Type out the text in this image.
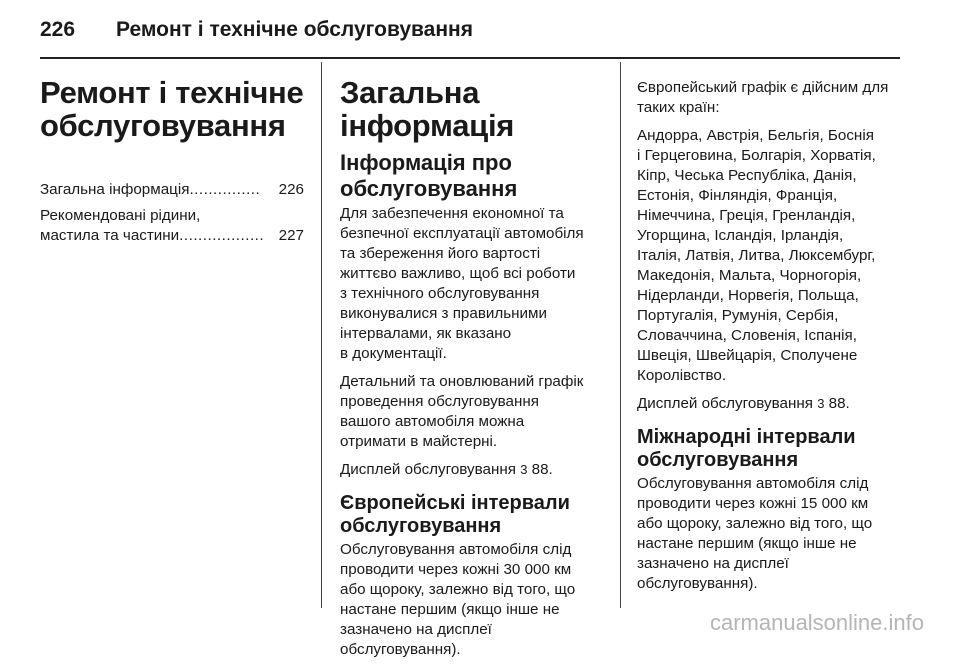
226 Ремонт і технічне обслуговування
Ремонт і технічне
обслуговування
Загальна інформація ...............	226
Рекомендовані рідини,
мастила та частини .................. 227
Загальна інформація
Інформація про
обслуговування

Для забезпечення економної та
безпечної експлуатації автомобіля
та збереження його вартості
життєво важливо, щоб всі роботи
з технічного обслуговування
виконувалися з правильними
інтервалами, як вказано
в документації.

Детальний та оновлюваний графік
проведення обслуговування
вашого автомобіля можна
отримати в майстерні.

Дисплей обслуговування 3 88.

Європейські інтервали
обслуговування

Обслуговування автомобіля слід
проводити через кожні 30 000 км
або щороку, залежно від того, що
настане першим (якщо інше не
зазначено на дисплеї
обслуговування).

Європейський графік є дійсним для
таких країн:

Андорра, Австрія, Бельгія, Боснія
і Герцеговина, Болгарія, Хорватія,
Кіпр, Чеська Республіка, Данія,
Естонія, Фінляндія, Франція,
Німеччина, Греція, Гренландія,
Угорщина, Ісландія, Ірландія,
Італія, Латвія, Литва, Люксембург,
Македонія, Мальта, Чорногорія,
Нідерланди, Норвегія, Польща,
Португалія, Румунія, Сербія,
Словаччина, Словенія, Іспанія,
Швеція, Швейцарія, Сполучене
Королівство.

Дисплей обслуговування 3 88.

Міжнародні інтервали
обслуговування

Обслуговування автомобіля слід
проводити через кожні 15 000 км
або щороку, залежно від того, що
настане першим (якщо інше не
зазначено на дисплеї
обслуговування).

carmanualsonline.info
